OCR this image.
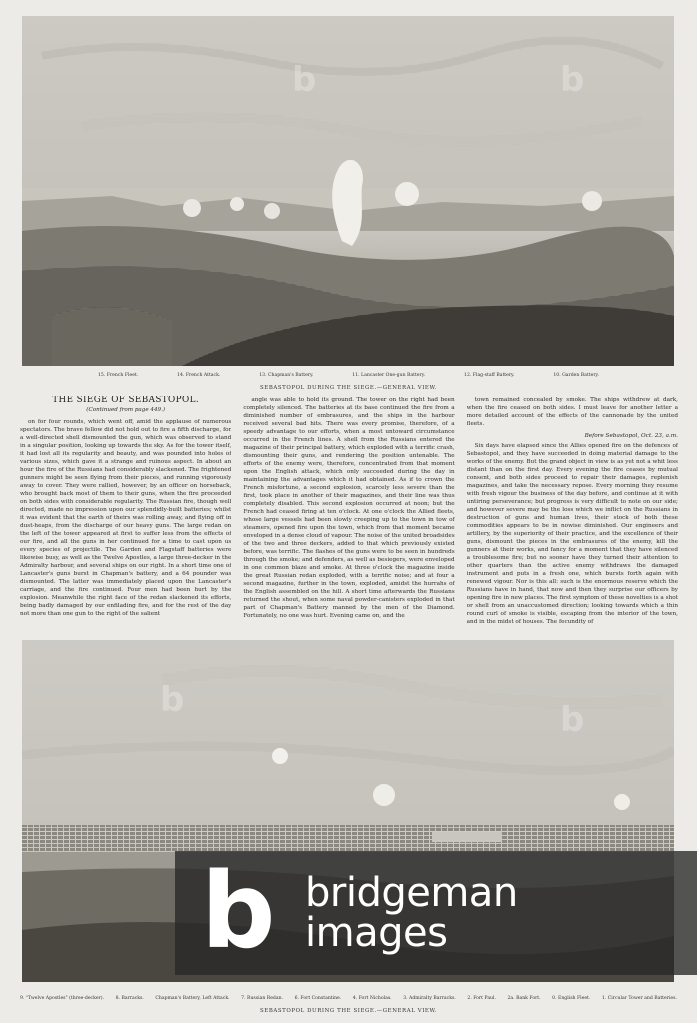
15. French Fleet.	14. French Attack.	13. Chapman's Battery.	11. Lancaster One-gun Battery.	12. Flag-staff Battery.	10. Garden Battery.
SEBASTOPOL DURING THE SIEGE.—GENERAL VIEW.
THE SIEGE OF SEBASTOPOL.
(Continued from page 449.)

on for four rounds, which went off, amid the applause of numerous spectators. The brave fellow did not hold out to fire a fifth discharge, for a well-directed shell dismounted the gun, which was observed to stand in a singular position, looking up towards the sky. As for the tower itself, it had lost all its regularity and beauty, and was pounded into holes of various sizes, which gave it a strange and ruinous aspect. In about an hour the fire of the Russians had considerably slackened. The frightened gunners might be seen flying from their pieces, and running vigorously away to cover. They were rallied, however, by an officer on horseback, who brought back most of them to their guns, when the fire proceeded on both sides with considerable regularity. The Russian fire, though well directed, made no impression upon our splendidly-built batteries; whilst it was evident that the earth of theirs was rolling away, and flying off in dust-heaps, from the discharge of our heavy guns. The large redan on the left of the tower appeared at first to suffer less from the effects of our fire, and all the guns in her continued for a time to cast upon us every species of projectile. The Garden and Flagstaff batteries were likewise busy, as well as the Twelve Apostles, a large three-decker in the Admiralty harbour, and several ships on our right. In a short time one of Lancaster's guns burst in Chapman's battery, and a 64 pounder was dismounted. The latter was immediately placed upon the Lancaster's carriage, and the fire continued. Four men had been hurt by the explosion. Meanwhile the right face of the redan slackened its efforts, being badly damaged by our enfilading fire, and for the rest of the day not more than one gun to the right of the salient

angle was able to hold its ground. The tower on the right had been completely silenced. The batteries at its base continued the fire from a diminished number of embrasures, and the ships in the harbour received several bad hits. There was every promise, therefore, of a speedy advantage to our efforts, when a most untoward circumstance occurred in the French lines. A shell from the Russians entered the magazine of their principal battery, which exploded with a terrific crash, dismounting their guns, and rendering the position untenable. The efforts of the enemy were, therefore, concentrated from that moment upon the English attack, which only succeeded during the day in maintaining the advantages which it had obtained. As if to crown the French misfortune, a second explosion, scarcely less severe than the first, took place in another of their magazines, and their line was thus completely disabled. This second explosion occurred at noon; but the French had ceased firing at ten o'clock. At one o'clock the Allied fleets, whose large vessels had been slowly creeping up to the town in tow of steamers, opened fire upon the town, which from that moment became enveloped in a dense cloud of vapour. The noise of the united broadsides of the two and three deckers, added to that which previously existed before, was terrific. The flashes of the guns were to be seen in hundreds through the smoke; and defenders, as well as besiegers, were enveloped in one common blaze and smoke. At three o'clock the magazine inside the great Russian redan exploded, with a terrific noise; and at four a second magazine, further in the town, exploded, amidst the hurrahs of the English assembled on the hill. A short time afterwards the Russians returned the shout, when some naval powder-canisters exploded in that part of Chapman's Battery manned by the men of the Diamond. Fortunately, no one was hurt. Evening came on, and the

town remained concealed by smoke. The ships withdrew at dark, when the fire ceased on both sides. I must leave for another letter a more detailed account of the effects of the cannonade by the united fleets.

Before Sebastopol, Oct. 23, a.m.

Six days have elapsed since the Allies opened fire on the defences of Sebastopol, and they have succeeded in doing material damage to the works of the enemy. But the grand object in view is as yet not a whit less distant than on the first day. Every evening the fire ceases by mutual consent, and both sides proceed to repair their damages, replenish magazines, and take the necessary repose. Every morning they resume with fresh vigour the business of the day before, and continue at it with untiring perseverance; but progress is very difficult to note on our side; and however severe may be the loss which we inflict on the Russians in destruction of guns and human lives, their stock of both these commodities appears to be in nowise diminished. Our engineers and artillery, by the superiority of their practice, and the excellence of their guns, dismount the pieces in the embrasures of the enemy, kill the gunners at their works, and fancy for a moment that they have silenced a troublesome fire; but no sooner have they turned their attention to other quarters than the active enemy withdraws the damaged instrument and puts in a fresh one, which bursts forth again with renewed vigour. Nor is this all: such is the enormous reserve which the Russians have in hand, that now and then they surprise our officers by opening fire in new places. The first symptom of these novelties is a shot or shell from an unaccustomed direction; looking towards which a thin round curl of smoke is visible, escaping from the interior of the town, and in the midst of houses. The fecundity of

b	b
b	b
b bridgeman
images
9. "Twelve Apostles" (three-decker).	8. Barracks.	Chapman's Battery, Left Attack.	7. Russian Redan.	6. Fort Constantine.	4. Fort Nicholas.	3. Admiralty Barracks.	2. Fort Paul.	2a. Bank Fort.	0. English Fleet.	1. Circular Tower and Batteries.
SEBASTOPOL DURING THE SIEGE.—GENERAL VIEW.
